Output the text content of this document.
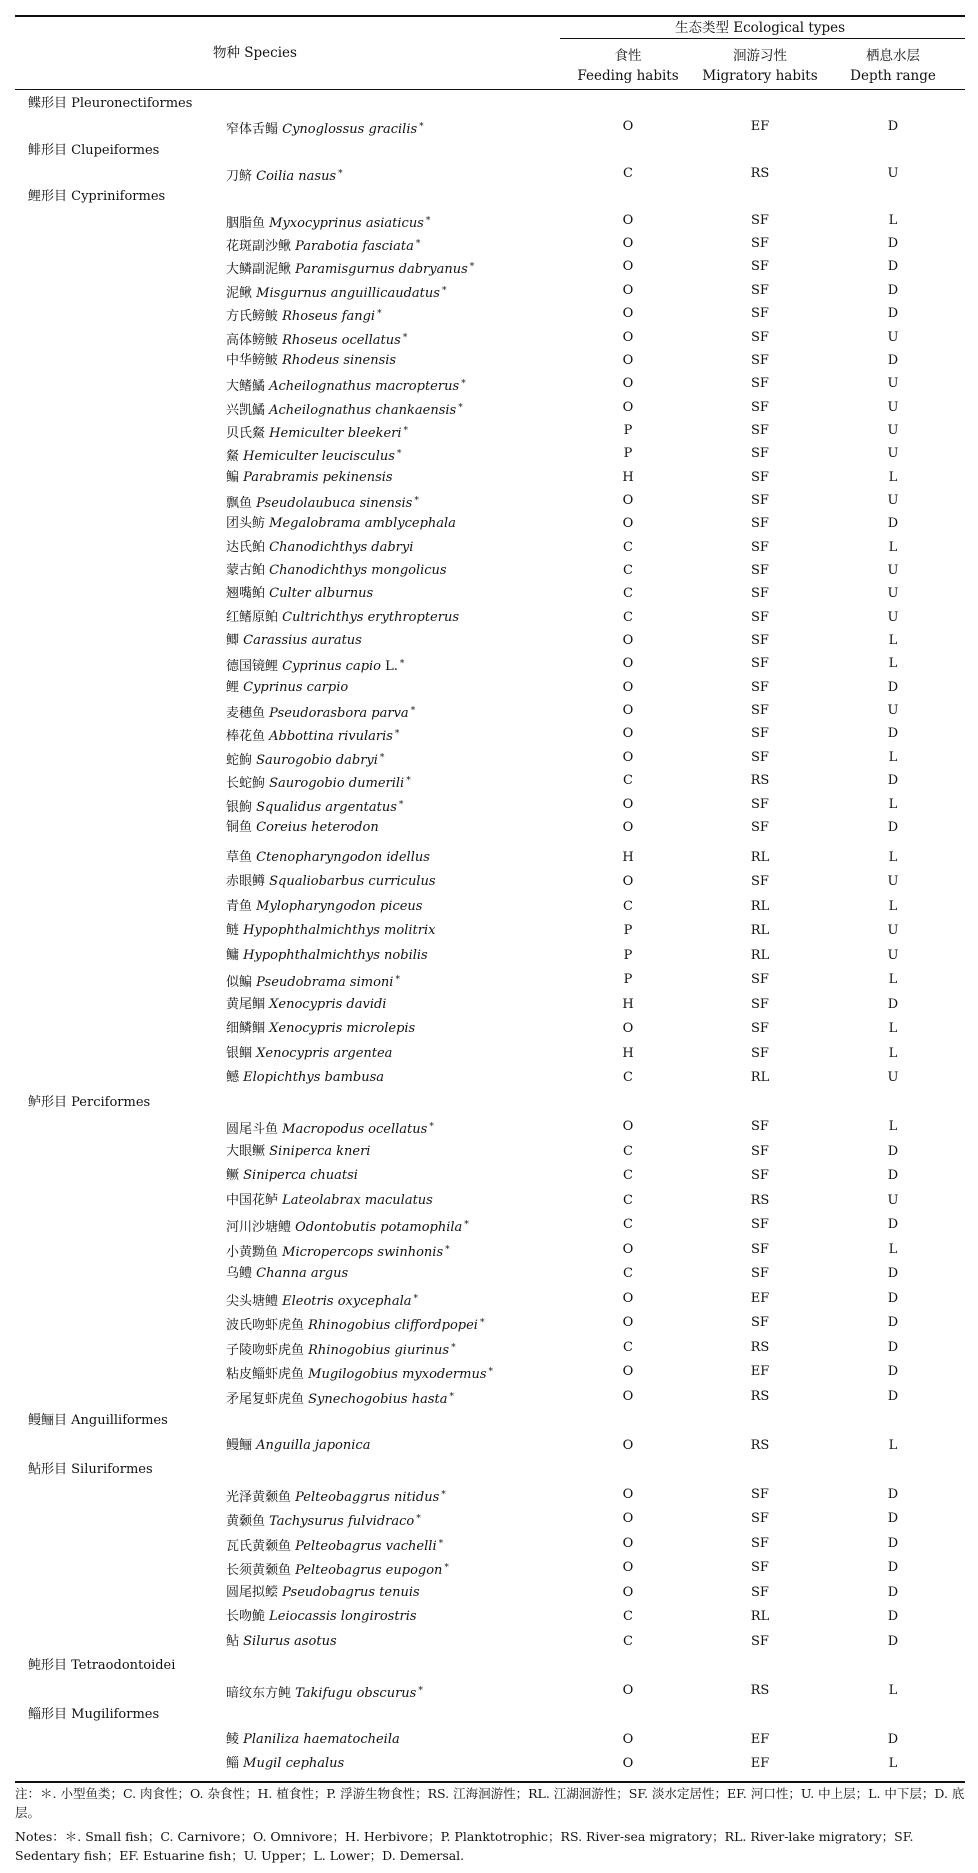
物种 Species
生态类型 Ecological types
食性
Feeding habits
洄游习性
Migratory habits
栖息水层
Depth range
鲽形目 Pleuronectiformes
窄体舌鳎 Cynoglossus gracilis *	O	EF	D
鲱形目 Clupeiformes
刀鲚 Coilia nasus *	C	RS	U
鲤形目 Cypriniformes
胭脂鱼 Myxocyprinus asiaticus *	O	SF	L
花斑副沙鳅 Parabotia fasciata *	O	SF	D
大鳞副泥鳅 Paramisgurnus dabryanus *	O	SF	D
泥鳅 Misgurnus anguillicaudatus *	O	SF	D
方氏鳑鲏 Rhoseus fangi *	O	SF	D
高体鳑鲏 Rhoseus ocellatus *	O	SF	U
中华鳑鲏 Rhodeus sinensis	O	SF	D
大鳍鱊 Acheilognathus macropterus *	O	SF	U
兴凯鱊 Acheilognathus chankaensis *	O	SF	U
贝氏䱗 Hemiculter bleekeri *	P	SF	U
䱗 Hemiculter leucisculus *	P	SF	U
鳊 Parabramis pekinensis	H	SF	L
飘鱼 Pseudolaubuca sinensis *	O	SF	U
团头鲂 Megalobrama amblycephala	O	SF	D
达氏鲌 Chanodichthys dabryi	C	SF	L
蒙古鲌 Chanodichthys mongolicus	C	SF	U
翘嘴鲌 Culter alburnus	C	SF	U
红鳍原鲌 Cultrichthys erythropterus	C	SF	U
鲫 Carassius auratus	O	SF	L
德国镜鲤 Cyprinus capio L. *	O	SF	L
鲤 Cyprinus carpio	O	SF	D
麦穗鱼 Pseudorasbora parva *	O	SF	U
棒花鱼 Abbottina rivularis *	O	SF	D
蛇鮈 Saurogobio dabryi *	O	SF	L
长蛇鮈 Saurogobio dumerili *	C	RS	D
银鮈 Squalidus argentatus *	O	SF	L
铜鱼 Coreius heterodon	O	SF	D
草鱼 Ctenopharyngodon idellus	H	RL	L
赤眼鳟 Squaliobarbus curriculus	O	SF	U
青鱼 Mylopharyngodon piceus	C	RL	L
鲢 Hypophthalmichthys molitrix	P	RL	U
鳙 Hypophthalmichthys nobilis	P	RL	U
似鳊 Pseudobrama simoni *	P	SF	L
黄尾鲴 Xenocypris davidi	H	SF	D
细鳞鲴 Xenocypris microlepis	O	SF	L
银鲴 Xenocypris argentea	H	SF	L
鳡 Elopichthys bambusa	C	RL	U
鲈形目 Perciformes
圆尾斗鱼 Macropodus ocellatus *	O	SF	L
大眼鳜 Siniperca kneri	C	SF	D
鳜 Siniperca chuatsi	C	SF	D
中国花鲈 Lateolabrax maculatus	C	RS	U
河川沙塘鳢 Odontobutis potamophila *	C	SF	D
小黄黝鱼 Micropercops swinhonis *	O	SF	L
乌鳢 Channa argus	C	SF	D
尖头塘鳢 Eleotris oxycephala *	O	EF	D
波氏吻虾虎鱼 Rhinogobius cliffordpopei *	O	SF	D
子陵吻虾虎鱼 Rhinogobius giurinus *	C	RS	D
粘皮鲻虾虎鱼 Mugilogobius myxodermus *	O	EF	D
矛尾复虾虎鱼 Synechogobius hasta *	O	RS	D
鳗鲡目 Anguilliformes
鳗鲡 Anguilla japonica	O	RS	L
鲇形目 Siluriformes
光泽黄颡鱼 Pelteobaggrus nitidus *	O	SF	D
黄颡鱼 Tachysurus fulvidraco *	O	SF	D
瓦氏黄颡鱼 Pelteobagrus vachelli *	O	SF	D
长须黄颡鱼 Pelteobagrus eupogon *	O	SF	D
圆尾拟鲿 Pseudobagrus tenuis	O	SF	D
长吻鮠 Leiocassis longirostris	C	RL	D
鲇 Silurus asotus	C	SF	D
鲀形目 Tetraodontoidei
暗纹东方鲀 Takifugu obscurus *	O	RS	L
鲻形目 Mugiliformes
鲮 Planiliza haematocheila	O	EF	D
鲻 Mugil cephalus	O	EF	L
注：＊. 小型鱼类；C. 肉食性；O. 杂食性；H. 植食性；P. 浮游生物食性；RS. 江海洄游性；RL. 江湖洄游性；SF. 淡水定居性；EF. 河口性；U. 中上层；L. 中下层；D. 底层。
Notes：＊. Small fish；C. Carnivore；O. Omnivore；H. Herbivore；P. Planktotrophic；RS. River-sea migratory；RL. River-lake migratory；SF. Sedentary fish；EF. Estuarine fish；U. Upper；L. Lower；D. Demersal.
